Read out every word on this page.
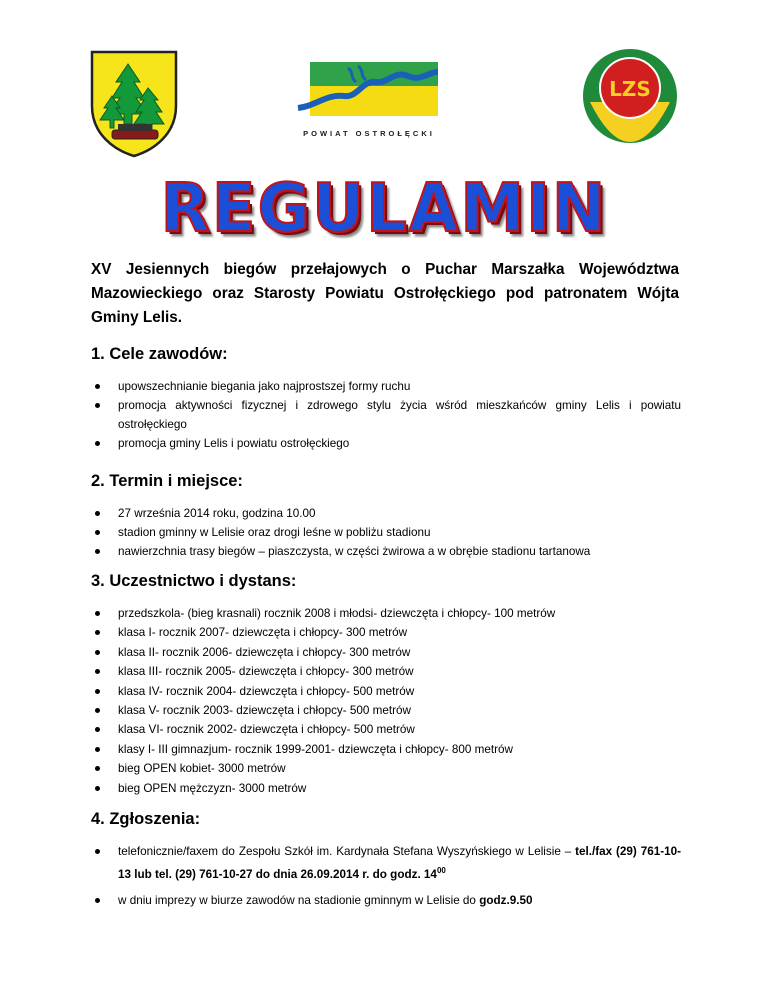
POWIAT OSTROŁĘCKI
LZS
REGULAMIN
XV Jesiennych biegów przełajowych o Puchar Marszałka Województwa Mazowieckiego oraz Starosty Powiatu Ostrołęckiego pod patronatem Wójta Gminy Lelis.
1. Cele zawodów:
upowszechnianie biegania jako najprostszej formy ruchu
promocja aktywności fizycznej i zdrowego stylu życia wśród mieszkańców gminy Lelis i powiatu ostrołęckiego
promocja gminy Lelis i powiatu ostrołęckiego
2. Termin i miejsce:
27 września 2014 roku, godzina 10.00
stadion gminny w Lelisie oraz drogi leśne w pobliżu stadionu
nawierzchnia trasy biegów – piaszczysta, w części żwirowa a w obrębie stadionu tartanowa
3. Uczestnictwo i dystans:
przedszkola- (bieg krasnali) rocznik 2008 i młodsi- dziewczęta i chłopcy- 100 metrów
klasa I- rocznik 2007- dziewczęta i chłopcy- 300 metrów
klasa II- rocznik 2006- dziewczęta i chłopcy- 300 metrów
klasa III- rocznik 2005- dziewczęta i chłopcy- 300 metrów
klasa IV- rocznik 2004- dziewczęta i chłopcy- 500 metrów
klasa V- rocznik 2003- dziewczęta i chłopcy- 500 metrów
klasa VI- rocznik 2002- dziewczęta i chłopcy- 500 metrów
klasy I- III gimnazjum- rocznik 1999-2001- dziewczęta i chłopcy- 800 metrów
bieg OPEN kobiet- 3000 metrów
bieg OPEN mężczyzn- 3000 metrów
4. Zgłoszenia:
telefonicznie/faxem do Zespołu Szkół im. Kardynała Stefana Wyszyńskiego w Lelisie – tel./fax (29) 761-10-13 lub tel. (29) 761-10-27 do dnia 26.09.2014 r. do godz. $14^{00}$
w dniu imprezy w biurze zawodów na stadionie gminnym w Lelisie do godz.9.50
